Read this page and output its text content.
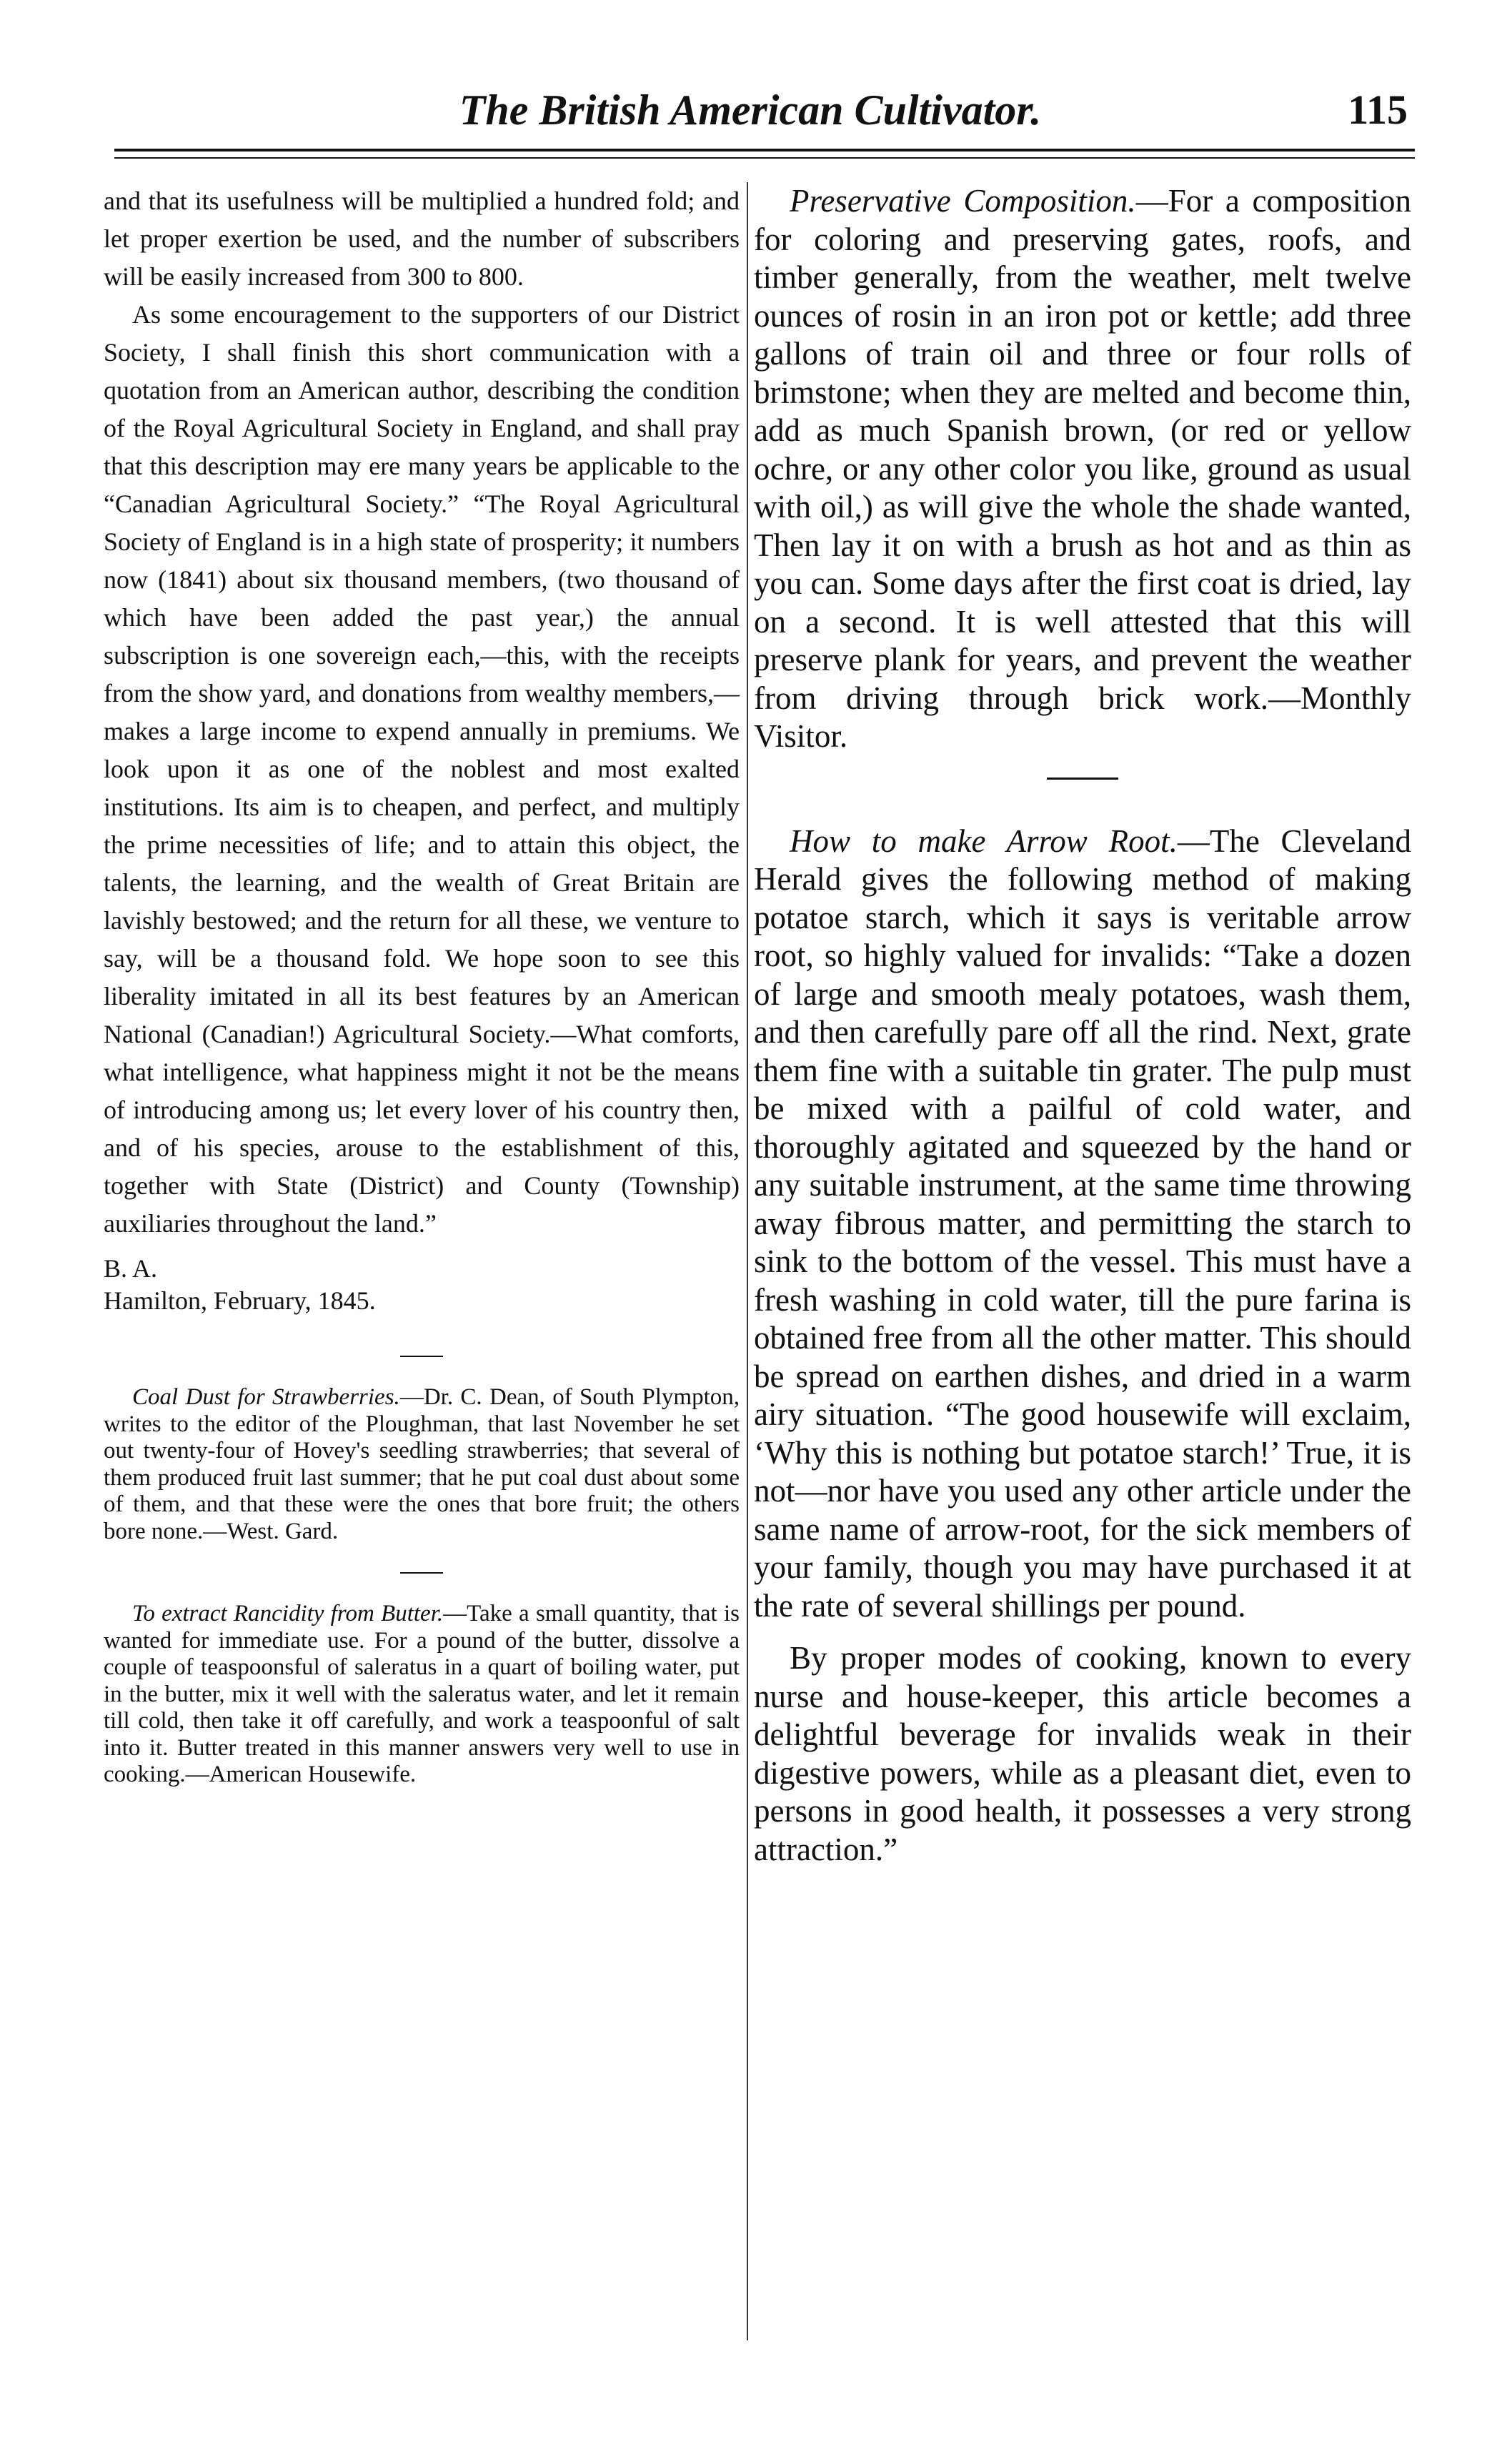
The British American Cultivator.	115

and that its usefulness will be multiplied a hundred fold; and let proper exertion be used, and the number of subscribers will be easily increased from 300 to 800.

As some encouragement to the supporters of our District Society, I shall finish this short communication with a quotation from an American author, describing the condition of the Royal Agricultural Society in England, and shall pray that this description may ere many years be applicable to the “Canadian Agricultural Society.” “The Royal Agricultural Society of England is in a high state of prosperity; it numbers now (1841) about six thousand members, (two thousand of which have been added the past year,) the annual subscription is one sovereign each,—this, with the receipts from the show yard, and donations from wealthy members,—makes a large income to expend annually in premiums. We look upon it as one of the noblest and most exalted institutions. Its aim is to cheapen, and perfect, and multiply the prime necessities of life; and to attain this object, the talents, the learning, and the wealth of Great Britain are lavishly bestowed; and the return for all these, we venture to say, will be a thousand fold. We hope soon to see this liberality imitated in all its best features by an American National (Canadian!) Agricultural Society.—What comforts, what intelligence, what happiness might it not be the means of introducing among us; let every lover of his country then, and of his species, arouse to the establishment of this, together with State (District) and County (Township) auxiliaries throughout the land.”

B. A.

Hamilton, February, 1845.

Coal Dust for Strawberries.—Dr. C. Dean, of South Plympton, writes to the editor of the Ploughman, that last November he set out twenty-four of Hovey's seedling strawberries; that several of them produced fruit last summer; that he put coal dust about some of them, and that these were the ones that bore fruit; the others bore none.—West. Gard.

To extract Rancidity from Butter.—Take a small quantity, that is wanted for immediate use. For a pound of the butter, dissolve a couple of teaspoonsful of saleratus in a quart of boiling water, put in the butter, mix it well with the saleratus water, and let it remain till cold, then take it off carefully, and work a teaspoonful of salt into it. Butter treated in this manner answers very well to use in cooking.—American Housewife.

Preservative Composition.—For a composition for coloring and preserving gates, roofs, and timber generally, from the weather, melt twelve ounces of rosin in an iron pot or kettle; add three gallons of train oil and three or four rolls of brimstone; when they are melted and become thin, add as much Spanish brown, (or red or yellow ochre, or any other color you like, ground as usual with oil,) as will give the whole the shade wanted, Then lay it on with a brush as hot and as thin as you can. Some days after the first coat is dried, lay on a second. It is well attested that this will preserve plank for years, and prevent the weather from driving through brick work.—Monthly Visitor.

How to make Arrow Root.—The Cleveland Herald gives the following method of making potatoe starch, which it says is veritable arrow root, so highly valued for invalids: “Take a dozen of large and smooth mealy potatoes, wash them, and then carefully pare off all the rind. Next, grate them fine with a suitable tin grater. The pulp must be mixed with a pailful of cold water, and thoroughly agitated and squeezed by the hand or any suitable instrument, at the same time throwing away fibrous matter, and permitting the starch to sink to the bottom of the vessel. This must have a fresh washing in cold water, till the pure farina is obtained free from all the other matter. This should be spread on earthen dishes, and dried in a warm airy situation. “The good housewife will exclaim, ‘Why this is nothing but potatoe starch!’ True, it is not—nor have you used any other article under the same name of arrow-root, for the sick members of your family, though you may have purchased it at the rate of several shillings per pound.

By proper modes of cooking, known to every nurse and house-keeper, this article becomes a delightful beverage for invalids weak in their digestive powers, while as a pleasant diet, even to persons in good health, it possesses a very strong attraction.”
